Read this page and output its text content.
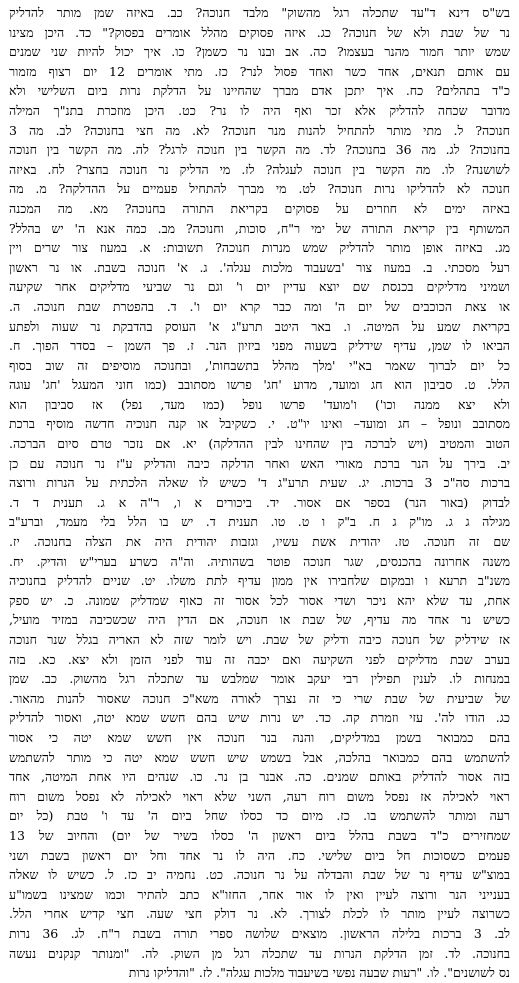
בש"ס דינא ד"עד שתכלה רגל מהשוק" מלבד חנוכה? כב. באיזה שמן מותר להדליק
נר של שבת ולא של חנוכה? כג. איזה פסוקים מהלל אומרים בפסוק?" כד. היכן מצינו
שמש יותר חמור מהנר בעצמו? כה. אב ובנו נר כשמן? כו. איך יכול להיות שני שמנים
עם אותם תנאים, אחד כשר ואחד פסול לנר? כז. מתי אומרים 12 יום רצוף מזמור
כ"ד בתהלים? כח. איך יתכן אדם מברך שהחיינו על הדלקת נרות ביום השלישי ולא
מדובר שכחה להדליק אלא זכר ואף היה לו נר? כט. היכן מוזכרת בתנ"ך המילה
חנוכה? ל. מתי מותר להתחיל להנות מנר חנוכה? לא. מה חצי בחנוכה? לב. מה 3
בחנוכה? לג. מה 36 בחנוכה? לד. מה הקשר בין חנוכה לרגל? לה. מה הקשר בין חנוכה
לשושנה? לו. מה הקשר בין חנוכה לעגלה? לז. מי הדליק נר חנוכה בחצר? לח. באיזה
חנוכה לא להדליקו נרות חנוכה? לט. מי מברך להתחיל פעמיים על ההדלקה? מ. מה
באיזה ימים לא חוזרים על פסוקים בקריאת התורה בחנוכה? מא. מה המכנה
המשותף בין קריאת התורה של ימי ר"ח, סוכות, וחנוכה? מב. כמה אנא ה' יש בהלל?
מג. באיזה אופן מותר להדליק שמש מנרות חנוכה? תשובות: א. במעוז צור שרים ויין
רעל מסכתי. ב. במעוז צור 'בשעבוד מלכות עגלה'. ג. א' חנוכה בשבת. או נר ראשון
ושמיני מדליקים בכנסת שם יוצא עדיין יום ו' וגם נר שביעי מדליקים אחר שקיעה
או צאת הכוכבים של יום ה' ומה כבר קרא יום ו'. ד. בהפטרת שבת חנוכה. ה.
בקריאת שמע על המיטה. ו. באר היטב תרע"ג א' העוסק בהדבקת נר שעוה ולפתע
הביאו לו שמן, עדיף שידליק בשעוה מפני ביזיון הנר. ז. פך השמן – בסדר הפוך. ח.
כל יום לברוך שאמר בא"י 'מלך מהלל בתשבחות', ובחנוכה מוסיפים זה שוב בסוף
הלל. ט. סביבון הוא חג ומועד, מדוע 'חג' פרשו מסתובב (כמו חוני המעגל 'חג' עוגה
ולא יצא ממנה וכו') ו'מועד' פרשו נופל (כמו מעד, נפל) אז סביבון הוא
מסתובב ונופל – חג ומועד– ואינו יו"ט. י. כשקיבל או קנה חנוכיה חדשה מוסיף ברכת
הטוב והמטיב (ויש לברכה בין שהחינו לבין ההדלקה) יא. אם נזכר טרם סיום הברכה.
יב. בירך על הנר ברכת מאורי האש ואחר הדלקה כיבה והדליק ע"ז נר חנוכה עם כן
ברכות סה"כ 3 ברכות. יג. שעית תרע"ג ד' כשיש לו שאלה הלכתית על הנרות ורוצה
לבדוק (באור הנר) בספר אם אסור. יד. ביכורים א ו, ר"ה א ג. תענית ד ד.
מגילה ג ג. מו"ק ג ח. ב"ק ו ט. טו. תענית ד. יש בו הלל בלי מעמד, וברע"ב
שם זה חנוכה. טז. יהודית אשת עשיו, וגזבות יהודית היה את הצלה בחנוכה. יז.
משנה אחרונה בהכנסים, שגר חנוכה פוטר בשהותיה. וה"ה כשרע בערי"ש והדיק. יח.
משנ"ב תרעא ו ובמקום שלחבירו אין ממון עדיף לתת משלו. יט. שניים להדליק בחנוכיה
אחת, עד שלא יהא ניכר ושדי אסור לכל אסור זה כאוף שמדליק שמונה. כ. יש ספק
כשיש נר אחד מה עדיף, של שבת או חנוכה, אם הדין היה שכשכיבה במזיד מועיל,
אז שידליק של חנוכה כיבה ודליק של שבת. ויש לומר שזה לא האריה בגלל שנר חנוכה
בערב שבת מדליקים לפני השקיעה ואם יכבה זה עוד לפני הזמן ולא יצא. כא. בזה
במנחות לו. לענין תפילין רבי יעקב אומר שמלבש עד שתכלה רגל מהשוק. כב. שמן
של שביעית של שבת שרי כי זה נצרך לאורה משא"כ חנוכה שאסור להנות מהאור.
כג. הודו לה'. עזי וזמרת קה. כד. יש נרות שיש בהם חשש שמא יטה, ואסור להדליק
בהם כמבואר בשמן במדליקים, והנה בנר חנוכה אין חשש שמא יטה כי אסור
להשתמש בהם כמבואר בהלכה, אבל בשמש שיש חשש שמא יטה כי מותר להשתמש
בזה אסור להדליק באותם שמנים. כה. אבנר בן נר. כו. שנהים היו אחת המיטה, אחד
ראוי לאכילה אז נפסל משום רוח רעה, השני שלא ראוי לאכילה לא נפסל משום רוח
רעה ומותר להשתמש בו. כז. מיום כד כסלו שחל ביום ה' עד ו' טבת (כל יום
שמחזירים כ"ד בשבת בהלל ביום ראשון ה' כסלו בשיר של יום) והחיוב של 13
פעמים כשסוכות חל ביום שלישי. כח. היה לו נר אחד וחל יום ראשון בשבת ושני
במוצ"ש עדיף נר של שבת והבדלה על נר חנוכה. כט. נחמיה יב כז. ל. כשיש לו שאלה
בענייני הנר ורוצה לעיין ואין לו אור אחר, החזו"א כתב להתיר וכמו שמצינו בשמו"ע
כשרוצה לעיין מותר לו לכלת לצורך. לא. נר דולק חצי שעה. חצי קדיש אחרי הלל.
לב. 3 ברכות בלילה הראשון. מוצאים שלושה ספרי תורה בשבת ר"ח. לג. 36 נרות
בחנוכה. לד. זמן הדלקת הנרות עד שתכלה רגל מן השוק. לה. "ומנותר קנקנים נעשה
נס לשושנים". לו. "רעות שבעה נפשי בשיעבוד מלכות עגלה". לז. "והדליקו נרות
